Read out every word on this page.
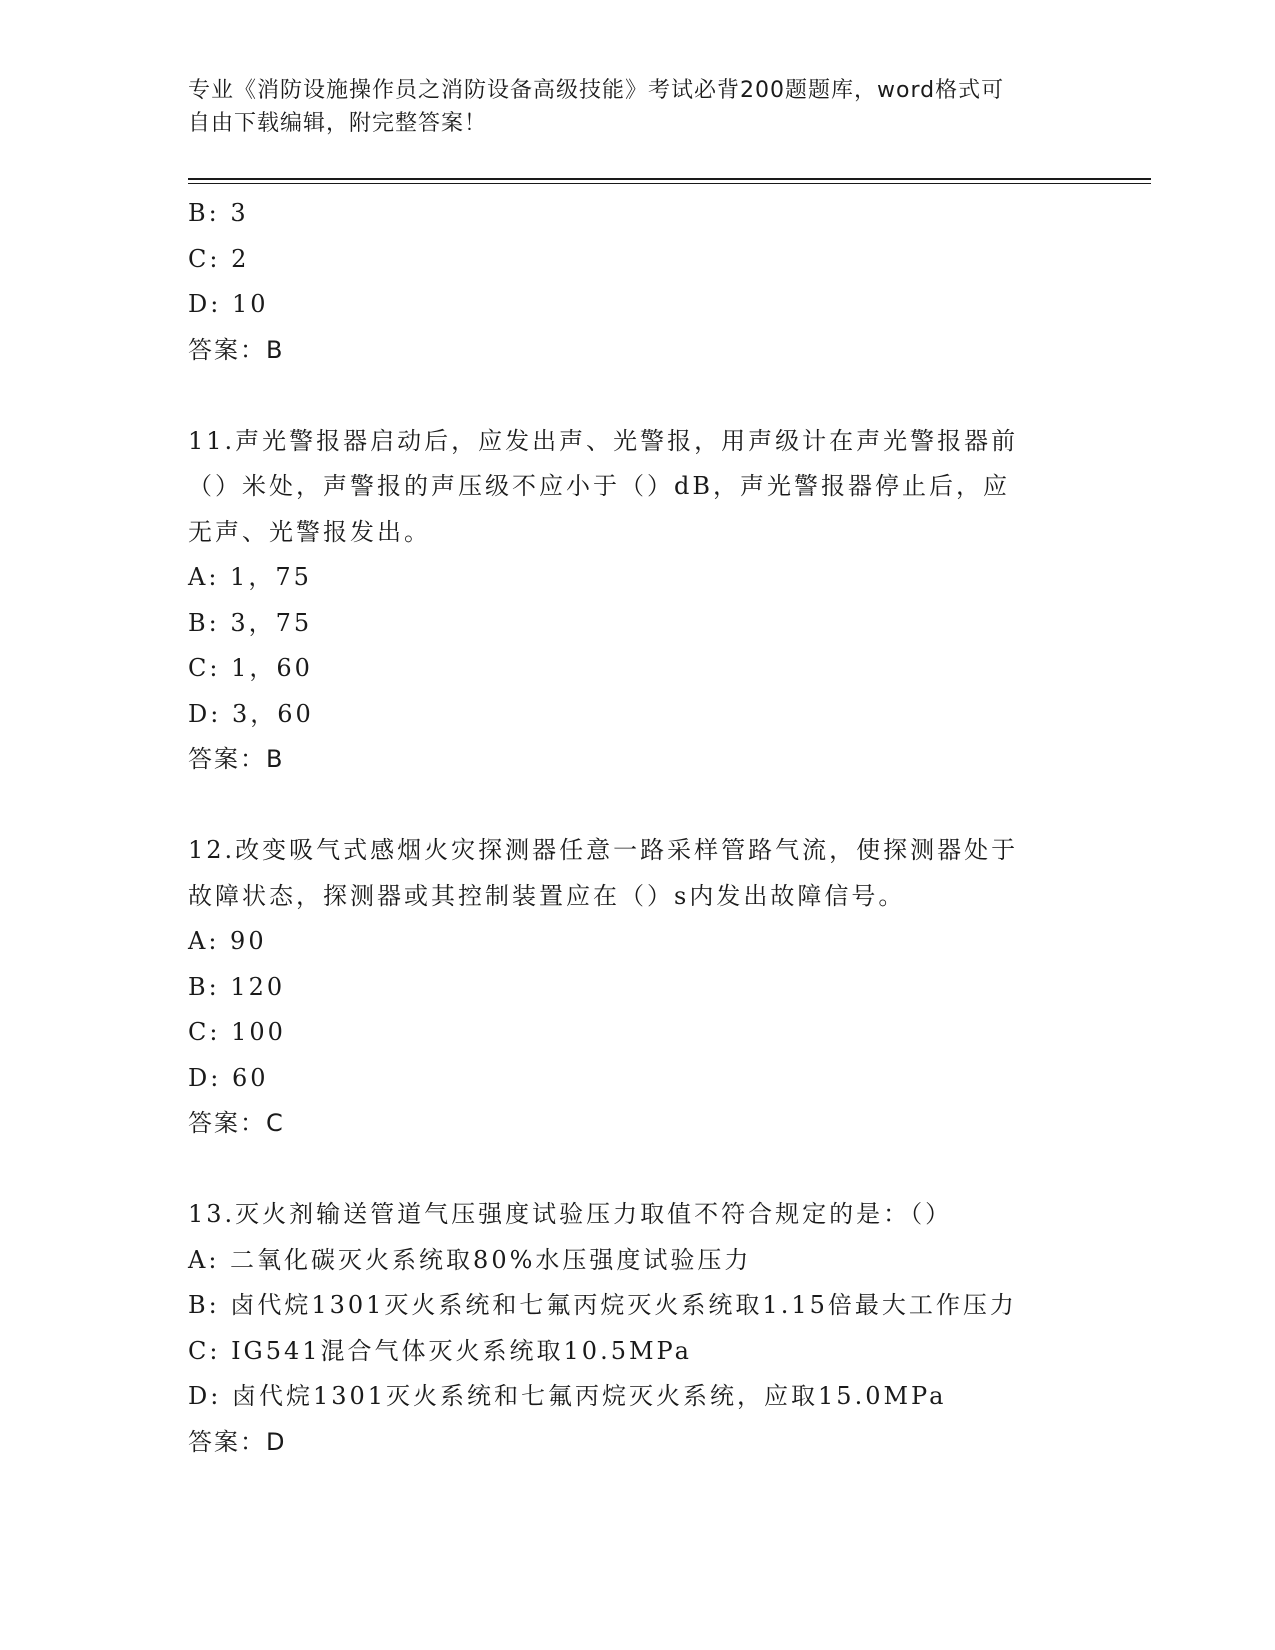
专业《消防设施操作员之消防设备高级技能》考试必背200题题库，word格式可
自由下载编辑，附完整答案！
B: 3
C: 2
D: 10
答案：B
11.声光警报器启动后，应发出声、光警报，用声级计在声光警报器前
（）米处，声警报的声压级不应小于（）dB，声光警报器停止后，应
无声、光警报发出。
A: 1，75
B: 3，75
C: 1，60
D: 3，60
答案：B
12.改变吸气式感烟火灾探测器任意一路采样管路气流，使探测器处于
故障状态，探测器或其控制装置应在（）s内发出故障信号。
A: 90
B: 120
C: 100
D: 60
答案：C
13.灭火剂输送管道气压强度试验压力取值不符合规定的是：（）
A: 二氧化碳灭火系统取80%水压强度试验压力
B: 卤代烷1301灭火系统和七氟丙烷灭火系统取1.15倍最大工作压力
C: IG541混合气体灭火系统取10.5MPa
D: 卤代烷1301灭火系统和七氟丙烷灭火系统，应取15.0MPa
答案：D
